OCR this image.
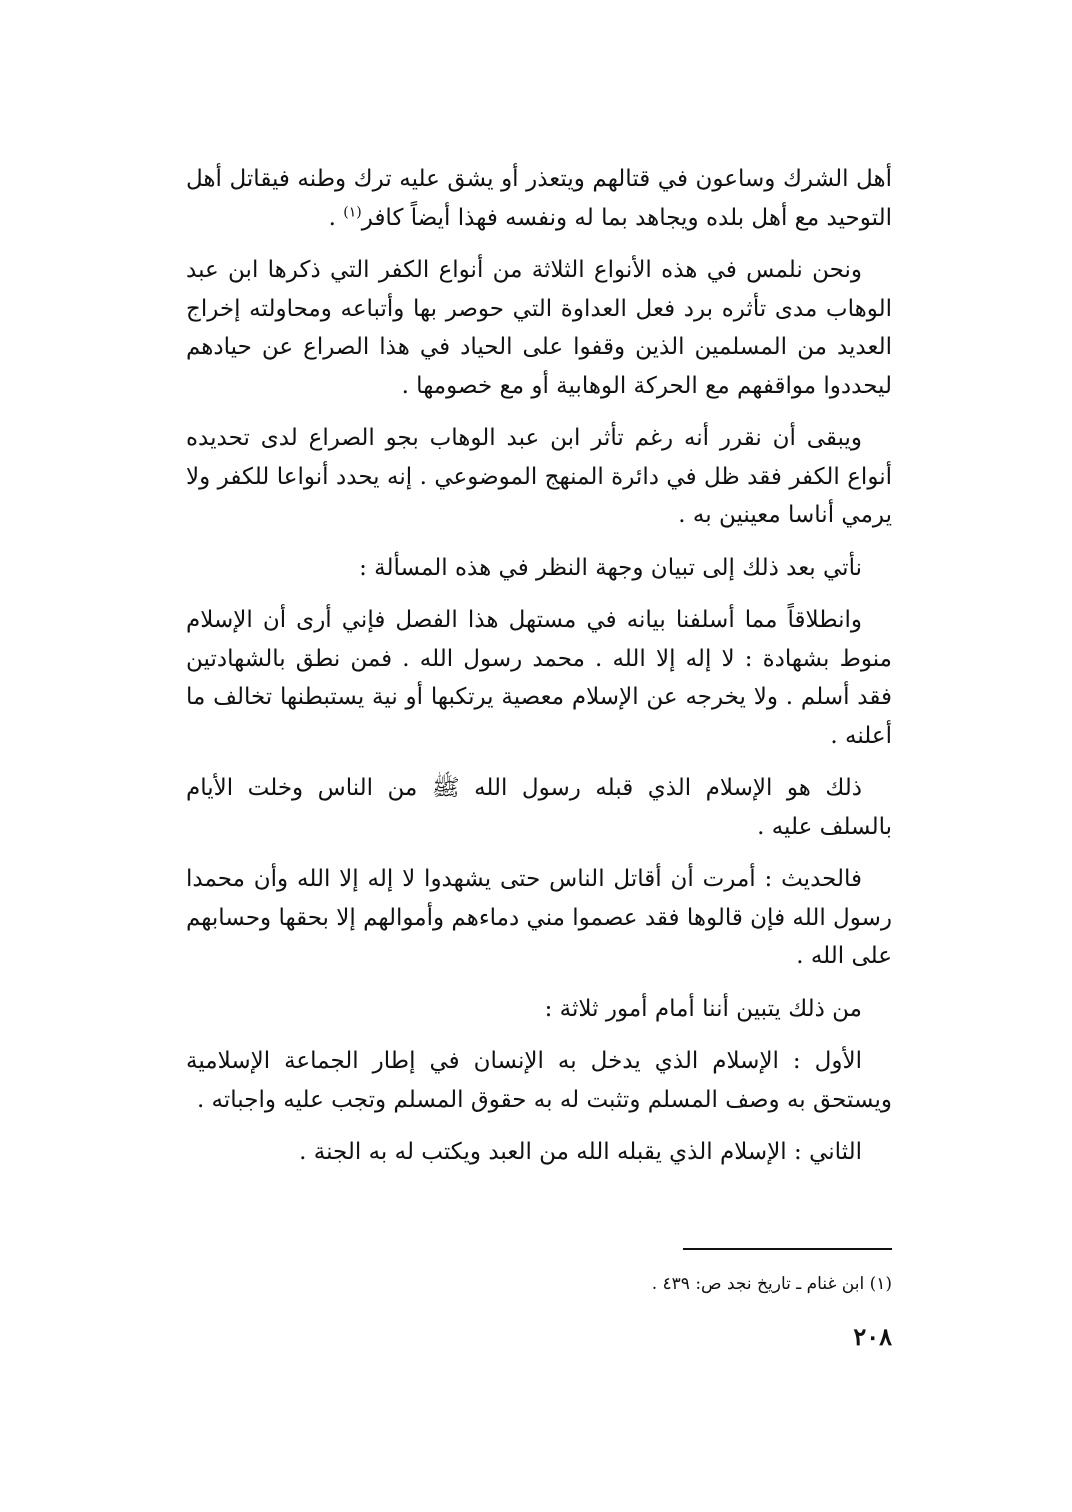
أهل الشرك وساعون في قتالهم ويتعذر أو يشق عليه ترك وطنه فيقاتل أهل التوحيد مع أهل بلده ويجاهد بما له ونفسه فهذا أيضاً كافر$^{(١)}$ .

ونحن نلمس في هذه الأنواع الثلاثة من أنواع الكفر التي ذكرها ابن عبد الوهاب مدى تأثره برد فعل العداوة التي حوصر بها وأتباعه ومحاولته إخراج العديد من المسلمين الذين وقفوا على الحياد في هذا الصراع عن حيادهم ليحددوا مواقفهم مع الحركة الوهابية أو مع خصومها .

ويبقى أن نقرر أنه رغم تأثر ابن عبد الوهاب بجو الصراع لدى تحديده أنواع الكفر فقد ظل في دائرة المنهج الموضوعي . إنه يحدد أنواعا للكفر ولا يرمي أناسا معينين به .

نأتي بعد ذلك إلى تبيان وجهة النظر في هذه المسألة :

وانطلاقاً مما أسلفنا بيانه في مستهل هذا الفصل فإني أرى أن الإسلام منوط بشهادة : لا إله إلا الله . محمد رسول الله . فمن نطق بالشهادتين فقد أسلم . ولا يخرجه عن الإسلام معصية يرتكبها أو نية يستبطنها تخالف ما أعلنه .

ذلك هو الإسلام الذي قبله رسول الله ﷺ من الناس وخلت الأيام بالسلف عليه .

فالحديث : أمرت أن أقاتل الناس حتى يشهدوا لا إله إلا الله وأن محمدا رسول الله فإن قالوها فقد عصموا مني دماءهم وأموالهم إلا بحقها وحسابهم على الله .

من ذلك يتبين أننا أمام أمور ثلاثة :

الأول : الإسلام الذي يدخل به الإنسان في إطار الجماعة الإسلامية ويستحق به وصف المسلم وتثبت له به حقوق المسلم وتجب عليه واجباته .

الثاني : الإسلام الذي يقبله الله من العبد ويكتب له به الجنة .

(١) ابن غنام ـ تاريخ نجد ص: ٤٣٩ .
٢٠٨
